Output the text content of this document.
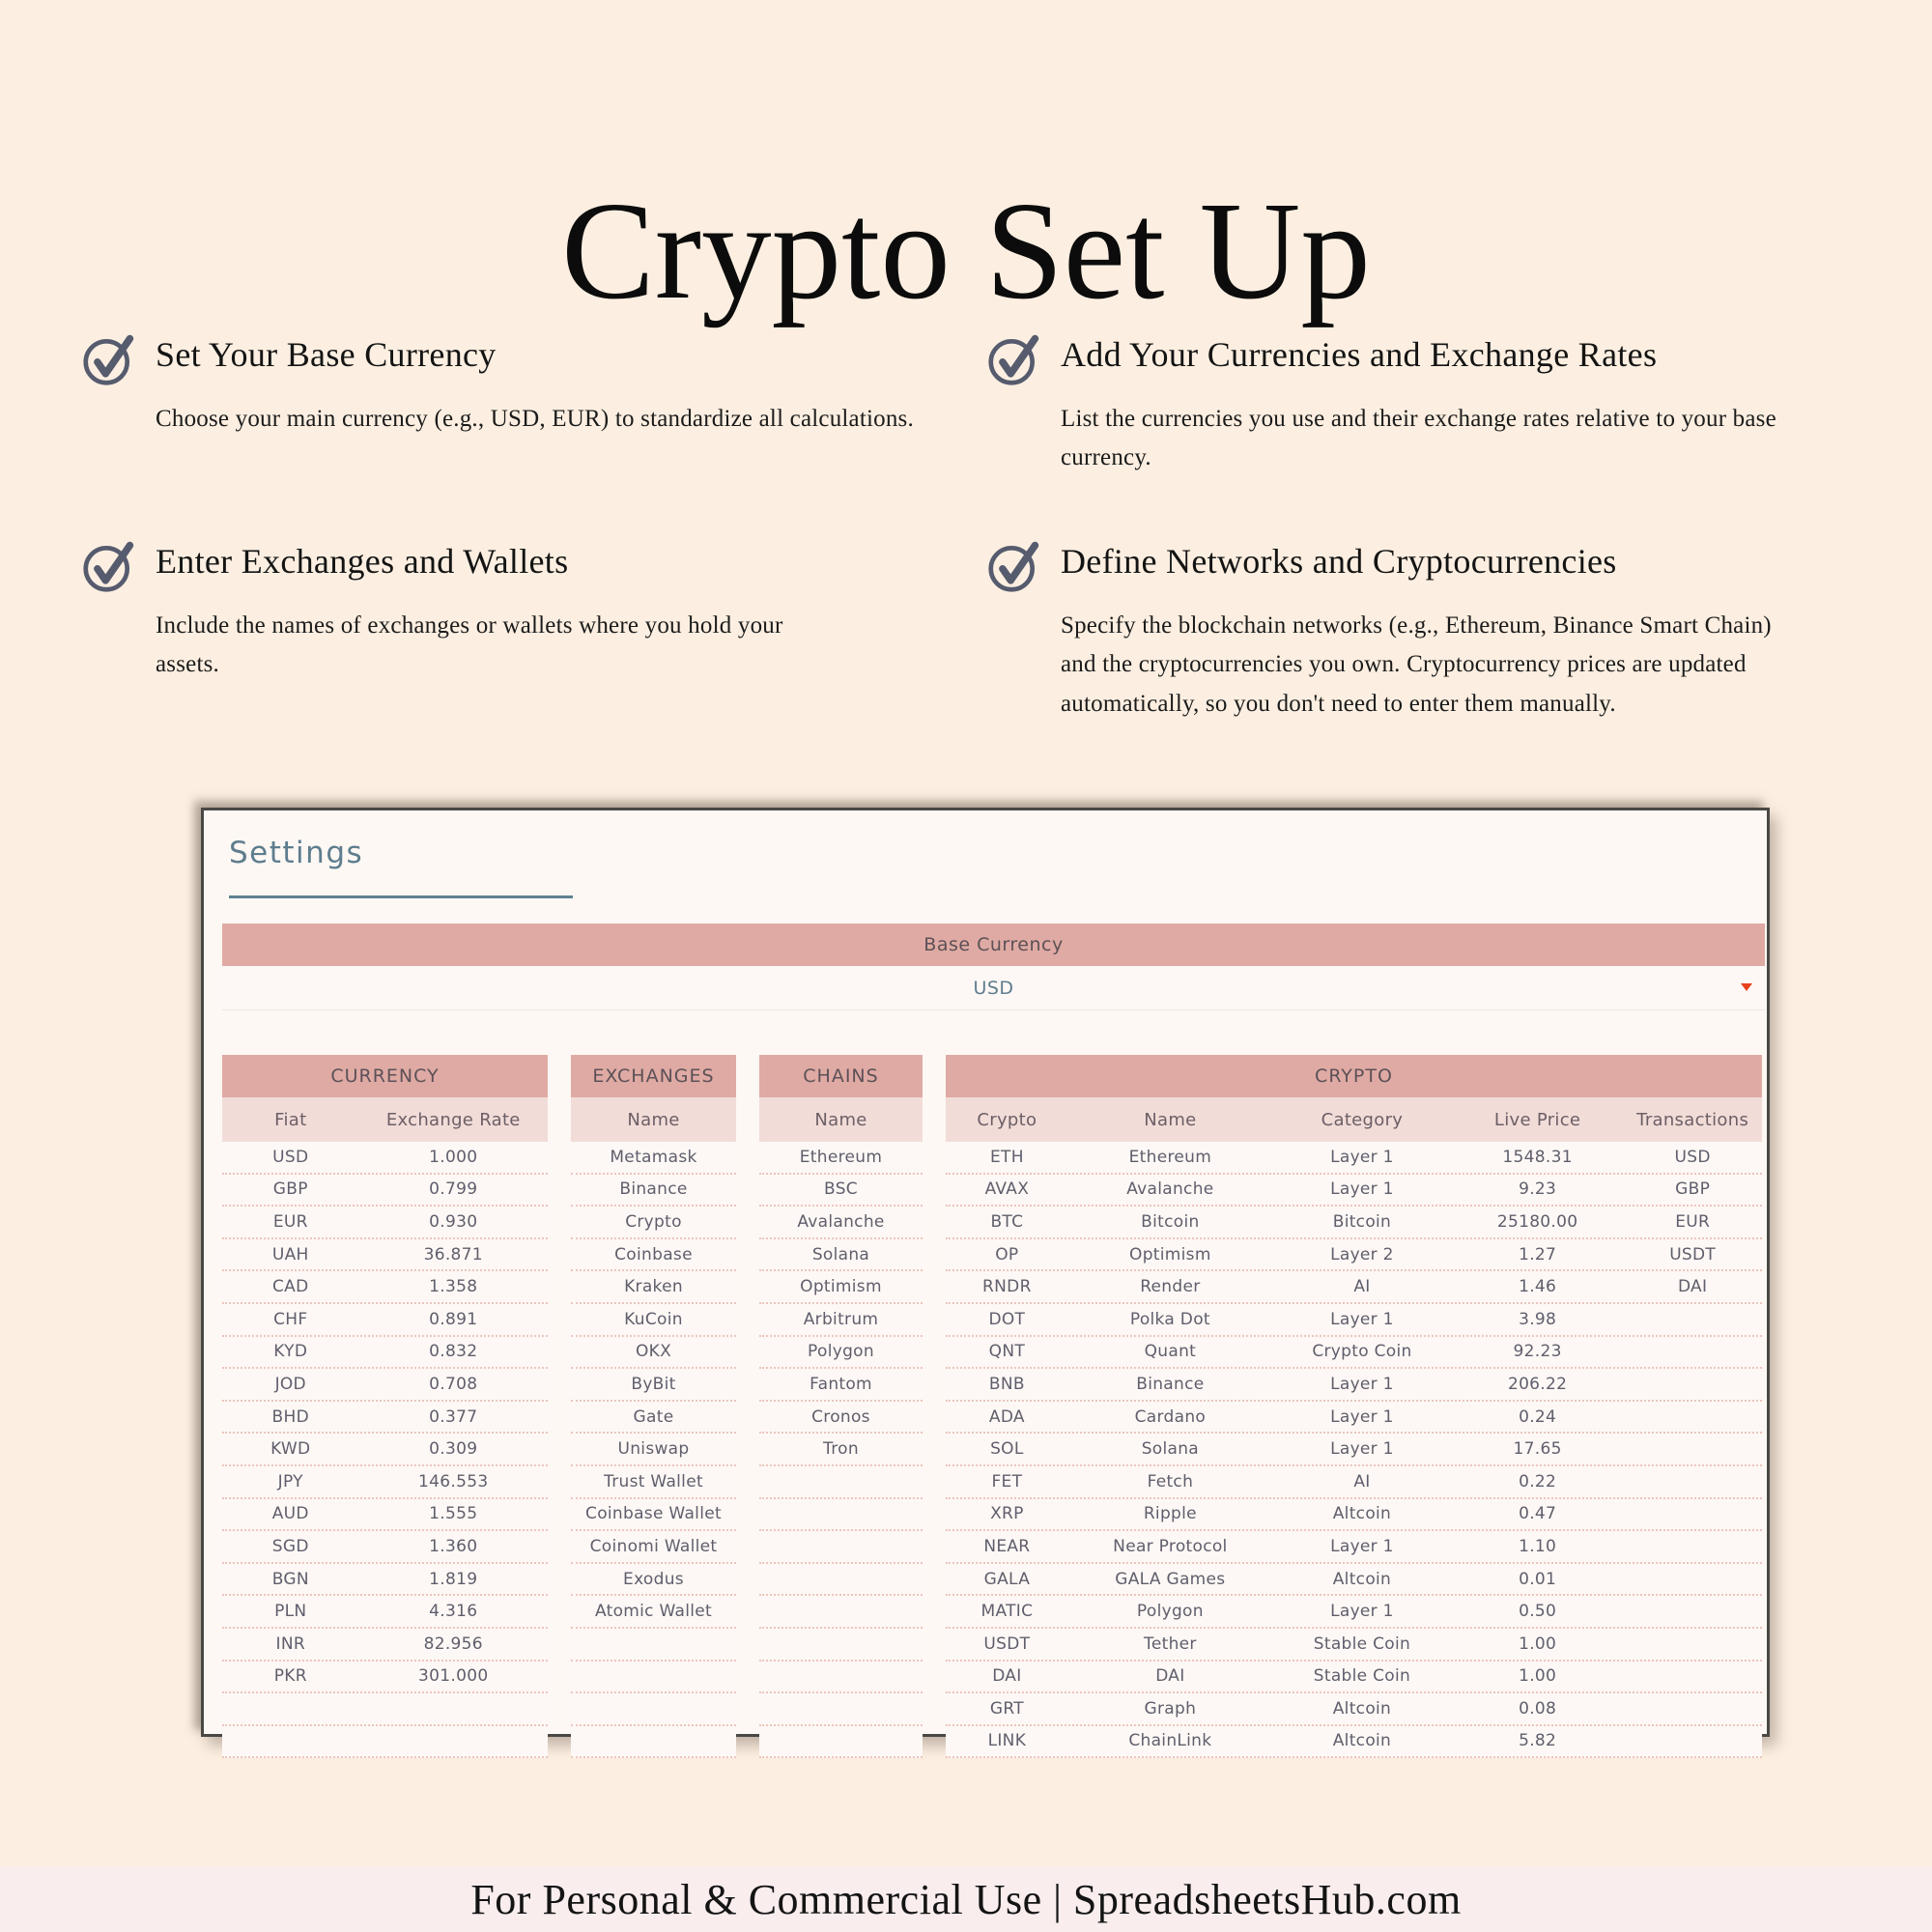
Crypto Set Up
Set Your Base Currency

Choose your main currency (e.g., USD, EUR) to standardize all calculations.

Add Your Currencies and Exchange Rates

List the currencies you use and their exchange rates relative to your base currency.

Enter Exchanges and Wallets

Include the names of exchanges or wallets where you hold your assets.

Define Networks and Cryptocurrencies

Specify the blockchain networks (e.g., Ethereum, Binance Smart Chain) and the cryptocurrencies you own. Cryptocurrency prices are updated automatically, so you don't need to enter them manually.

Settings
Base Currency
USD
CURRENCY
Fiat	Exchange Rate
USD	1.000
GBP	0.799
EUR	0.930
UAH	36.871
CAD	1.358
CHF	0.891
KYD	0.832
JOD	0.708
BHD	0.377
KWD	0.309
JPY	146.553
AUD	1.555
SGD	1.360
BGN	1.819
PLN	4.316
INR	82.956
PKR	301.000
EXCHANGES
Name
Metamask
Binance
Crypto
Coinbase
Kraken
KuCoin
OKX
ByBit
Gate
Uniswap
Trust Wallet
Coinbase Wallet
Coinomi Wallet
Exodus
Atomic Wallet
CHAINS
Name
Ethereum
BSC
Avalanche
Solana
Optimism
Arbitrum
Polygon
Fantom
Cronos
Tron
CRYPTO
Crypto	Name	Category	Live Price	Transactions
ETH	Ethereum	Layer 1	1548.31	USD
AVAX	Avalanche	Layer 1	9.23	GBP
BTC	Bitcoin	Bitcoin	25180.00	EUR
OP	Optimism	Layer 2	1.27	USDT
RNDR	Render	AI	1.46	DAI
DOT	Polka Dot	Layer 1	3.98
QNT	Quant	Crypto Coin	92.23
BNB	Binance	Layer 1	206.22
ADA	Cardano	Layer 1	0.24
SOL	Solana	Layer 1	17.65
FET	Fetch	AI	0.22
XRP	Ripple	Altcoin	0.47
NEAR	Near Protocol	Layer 1	1.10
GALA	GALA Games	Altcoin	0.01
MATIC	Polygon	Layer 1	0.50
USDT	Tether	Stable Coin	1.00
DAI	DAI	Stable Coin	1.00
GRT	Graph	Altcoin	0.08
LINK	ChainLink	Altcoin	5.82
For Personal & Commercial Use | SpreadsheetsHub.com
